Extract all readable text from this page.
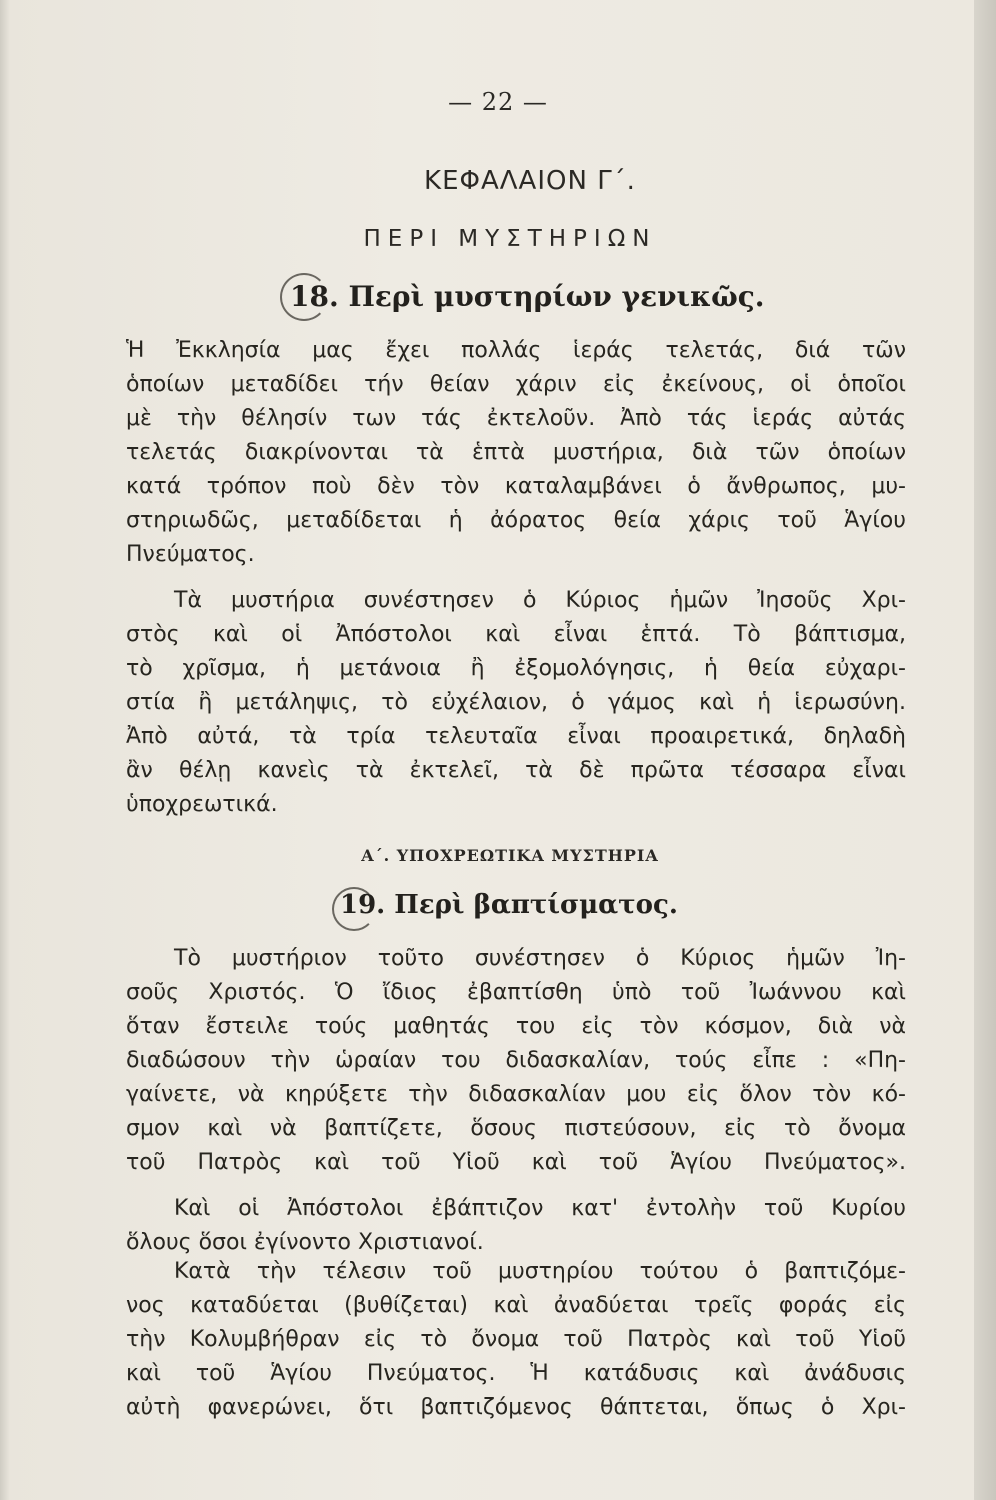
— 22 —
ΚΕΦΑΛΑΙΟΝ Γ΄.
ΠΕΡΙ ΜΥΣΤΗΡΙΩΝ
18. Περὶ μυστηρίων γενικῶς.
Ἡ Ἐκκλησία μας ἔχει πολλάς ἱεράς τελετάς, διά τῶν
ὁποίων μεταδίδει τήν θείαν χάριν εἰς ἐκείνους, οἱ ὁποῖοι
μὲ τὴν θέλησίν των τάς ἐκτελοῦν. Ἀπὸ τάς ἱεράς αὐτάς
τελετάς διακρίνονται τὰ ἑπτὰ μυστήρια, διὰ τῶν ὁποίων
κατά τρόπον ποὺ δὲν τὸν καταλαμβάνει ὁ ἄνθρωπος, μυ-
στηριωδῶς, μεταδίδεται ἡ ἀόρατος θεία χάρις τοῦ Ἁγίου
Πνεύματος.
Τὰ μυστήρια συνέστησεν ὁ Κύριος ἡμῶν Ἰησοῦς Χρι-
στὸς καὶ οἱ Ἀπόστολοι καὶ εἶναι ἑπτά. Τὸ βάπτισμα,
τὸ χρῖσμα, ἡ μετάνοια ἢ ἐξομολόγησις, ἡ θεία εὐχαρι-
στία ἢ μετάληψις, τὸ εὐχέλαιον, ὁ γάμος καὶ ἡ ἱερωσύνη.
Ἀπὸ αὐτά, τὰ τρία τελευταῖα εἶναι προαιρετικά, δηλαδὴ
ἂν θέλῃ κανεὶς τὰ ἐκτελεῖ, τὰ δὲ πρῶτα τέσσαρα εἶναι
ὑποχρεωτικά.
Α΄. ΥΠΟΧΡΕΩΤΙΚΑ ΜΥΣΤΗΡΙΑ
19. Περὶ βαπτίσματος.
Τὸ μυστήριον τοῦτο συνέστησεν ὁ Κύριος ἡμῶν Ἰη-
σοῦς Χριστός. Ὁ ἴδιος ἐβαπτίσθη ὑπὸ τοῦ Ἰωάννου καὶ
ὅταν ἔστειλε τούς μαθητάς του εἰς τὸν κόσμον, διὰ νὰ
διαδώσουν τὴν ὡραίαν του διδασκαλίαν, τούς εἶπε : «Πη-
γαίνετε, νὰ κηρύξετε τὴν διδασκαλίαν μου εἰς ὅλον τὸν κό-
σμον καὶ νὰ βαπτίζετε, ὅσους πιστεύσουν, εἰς τὸ ὄνομα
τοῦ Πατρὸς καὶ τοῦ Υἱοῦ καὶ τοῦ Ἁγίου Πνεύματος».
Καὶ οἱ Ἀπόστολοι ἐβάπτιζον κατ' ἐντολὴν τοῦ Κυρίου
ὅλους ὅσοι ἐγίνοντο Χριστιανοί.
Κατὰ τὴν τέλεσιν τοῦ μυστηρίου τούτου ὁ βαπτιζόμε-
νος καταδύεται (βυθίζεται) καὶ ἀναδύεται τρεῖς φοράς εἰς
τὴν Κολυμβήθραν εἰς τὸ ὄνομα τοῦ Πατρὸς καὶ τοῦ Υἱοῦ
καὶ τοῦ Ἁγίου Πνεύματος. Ἡ κατάδυσις καὶ ἀνάδυσις
αὐτὴ φανερώνει, ὅτι βαπτιζόμενος θάπτεται, ὅπως ὁ Χρι-
